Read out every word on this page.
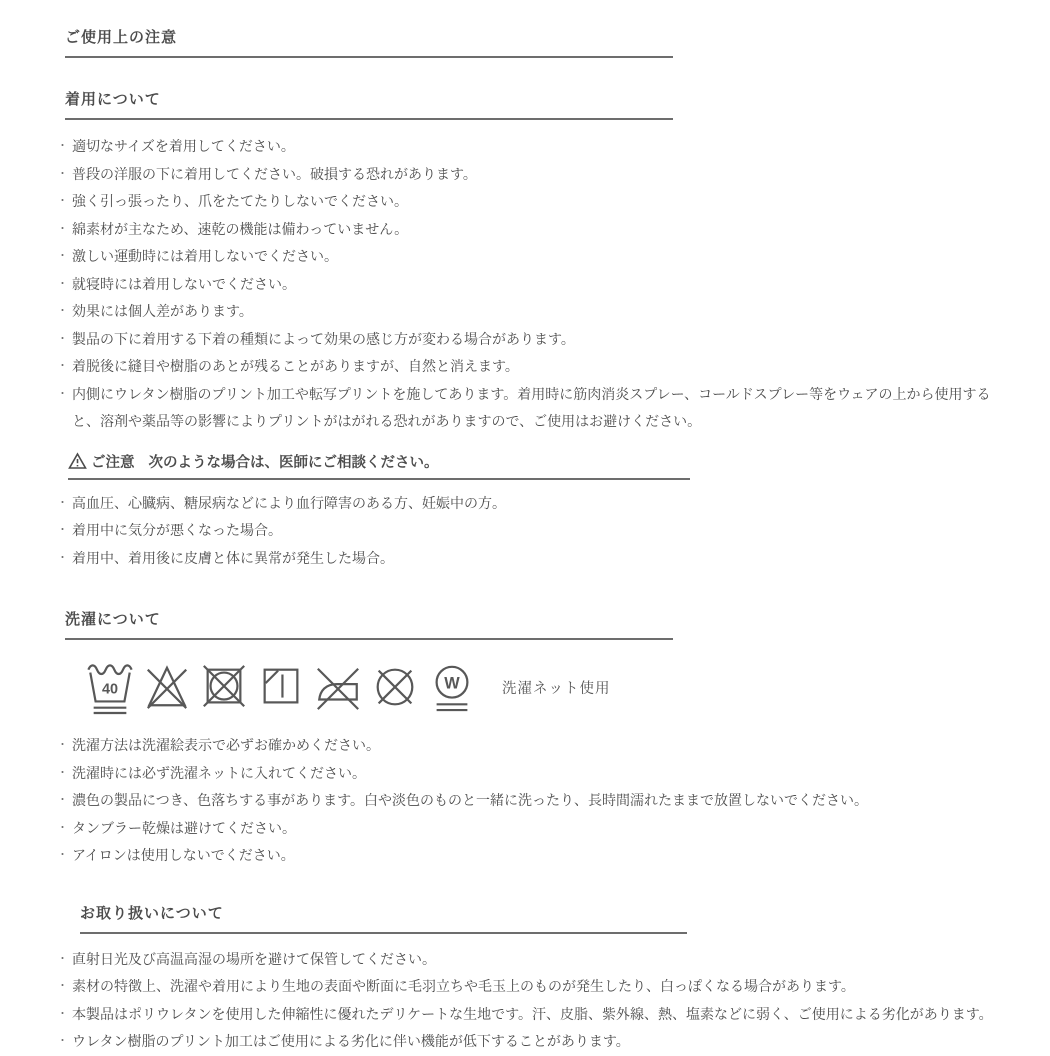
ご使用上の注意
着用について
・ 適切なサイズを着用してください。
・ 普段の洋服の下に着用してください。破損する恐れがあります。
・ 強く引っ張ったり、爪をたてたりしないでください。
・ 綿素材が主なため、速乾の機能は備わっていません。
・ 激しい運動時には着用しないでください。
・ 就寝時には着用しないでください。
・ 効果には個人差があります。
・ 製品の下に着用する下着の種類によって効果の感じ方が変わる場合があります。
・ 着脱後に縫目や樹脂のあとが残ることがありますが、自然と消えます。
・ 内側にウレタン樹脂のプリント加工や転写プリントを施してあります。着用時に筋肉消炎スプレー、コールドスプレー等をウェアの上から使用すると、溶剤や薬品等の影響によりプリントがはがれる恐れがありますので、ご使用はお避けください。
ご注意 次のような場合は、医師にご相談ください。
・ 高血圧、心臓病、糖尿病などにより血行障害のある方、妊娠中の方。
・ 着用中に気分が悪くなった場合。
・ 着用中、着用後に皮膚と体に異常が発生した場合。
洗濯について
40	W	洗濯ネット使用
・ 洗濯方法は洗濯絵表示で必ずお確かめください。
・ 洗濯時には必ず洗濯ネットに入れてください。
・ 濃色の製品につき、色落ちする事があります。白や淡色のものと一緒に洗ったり、長時間濡れたままで放置しないでください。
・ タンブラー乾燥は避けてください。
・ アイロンは使用しないでください。
お取り扱いについて
・ 直射日光及び高温高湿の場所を避けて保管してください。
・ 素材の特徴上、洗濯や着用により生地の表面や断面に毛羽立ちや毛玉上のものが発生したり、白っぽくなる場合があります。
・ 本製品はポリウレタンを使用した伸縮性に優れたデリケートな生地です。汗、皮脂、紫外線、熱、塩素などに弱く、ご使用による劣化があります。
・ ウレタン樹脂のプリント加工はご使用による劣化に伴い機能が低下することがあります。
